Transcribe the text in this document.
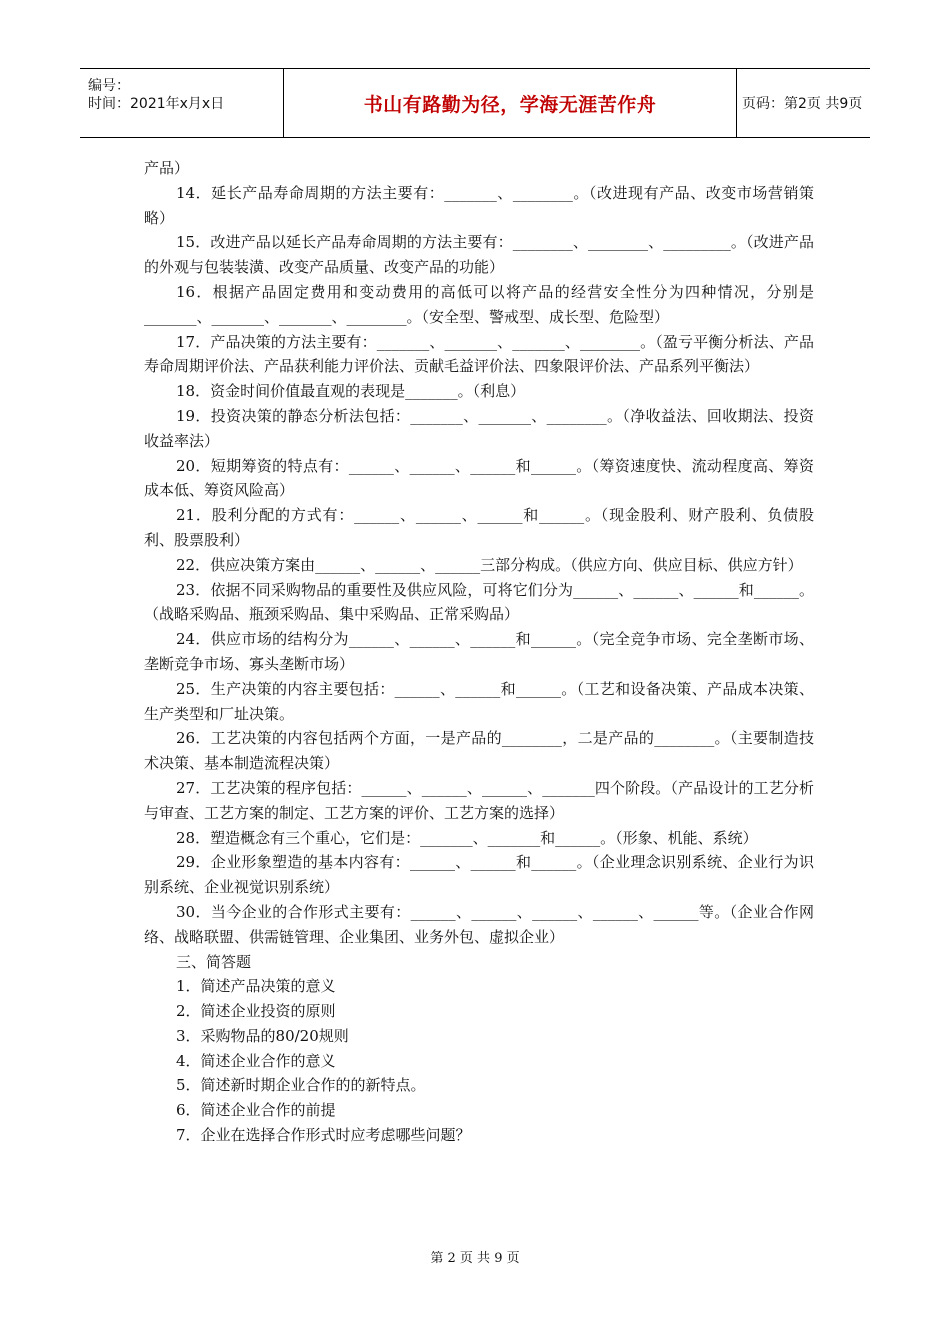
编号：
时间：2021年x月x日	书山有路勤为径，学海无涯苦作舟	页码：第2页 共9页

产品）

14．延长产品寿命周期的方法主要有：_______、________。（改进现有产品、改变市场营销策略）

15．改进产品以延长产品寿命周期的方法主要有：________、________、_________。（改进产品的外观与包装装潢、改变产品质量、改变产品的功能）

16．根据产品固定费用和变动费用的高低可以将产品的经营安全性分为四种情况，分别是_______、_______、_______、________。（安全型、警戒型、成长型、危险型）

17．产品决策的方法主要有：_______、_______、_______、________。（盈亏平衡分析法、产品寿命周期评价法、产品获利能力评价法、贡献毛益评价法、四象限评价法、产品系列平衡法）

18．资金时间价值最直观的表现是_______。（利息）

19．投资决策的静态分析法包括：_______、_______、________。（净收益法、回收期法、投资收益率法）

20．短期筹资的特点有：______、______、______和______。（筹资速度快、流动程度高、筹资成本低、筹资风险高）

21．股利分配的方式有：______、______、______和______。（现金股利、财产股利、负债股利、股票股利）

22．供应决策方案由______、______、______三部分构成。（供应方向、供应目标、供应方针）

23．依据不同采购物品的重要性及供应风险，可将它们分为______、______、______和______。（战略采购品、瓶颈采购品、集中采购品、正常采购品）

24．供应市场的结构分为______、______、______和______。（完全竞争市场、完全垄断市场、垄断竞争市场、寡头垄断市场）

25．生产决策的内容主要包括：______、______和______。（工艺和设备决策、产品成本决策、生产类型和厂址决策。

26．工艺决策的内容包括两个方面，一是产品的________，二是产品的________。（主要制造技术决策、基本制造流程决策）

27．工艺决策的程序包括：______、______、______、_______四个阶段。（产品设计的工艺分析与审查、工艺方案的制定、工艺方案的评价、工艺方案的选择）

28．塑造概念有三个重心，它们是：_______、_______和______。（形象、机能、系统）

29．企业形象塑造的基本内容有：______、______和______。（企业理念识别系统、企业行为识别系统、企业视觉识别系统）

30．当今企业的合作形式主要有：______、______、______、______、______等。（企业合作网络、战略联盟、供需链管理、企业集团、业务外包、虚拟企业）

三、简答题

1．简述产品决策的意义

2．简述企业投资的原则

3．采购物品的80/20规则

4．简述企业合作的意义

5．简述新时期企业合作的的新特点。

6．简述企业合作的前提

7．企业在选择合作形式时应考虑哪些问题？

第 2 页 共 9 页
